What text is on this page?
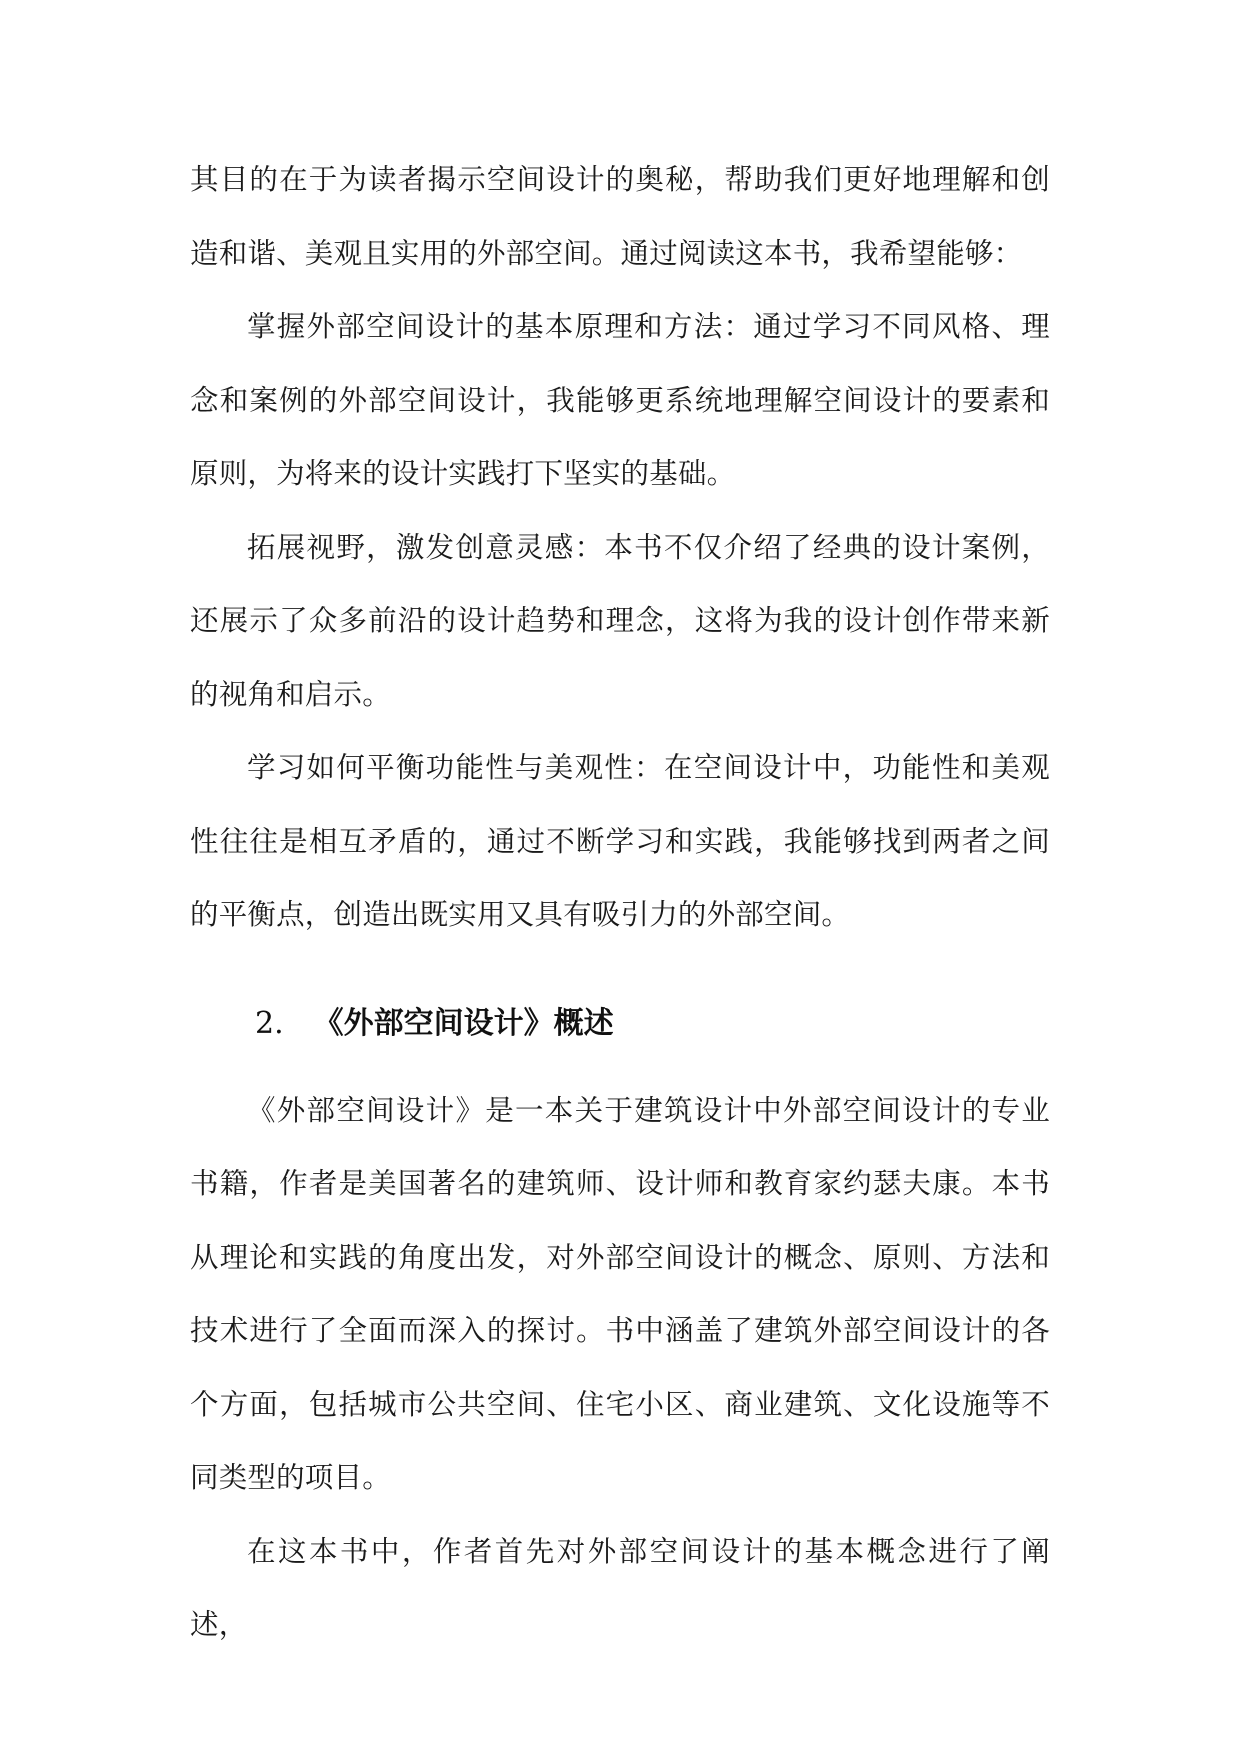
其目的在于为读者揭示空间设计的奥秘，帮助我们更好地理解和创造和谐、美观且实用的外部空间。通过阅读这本书，我希望能够：

掌握外部空间设计的基本原理和方法：通过学习不同风格、理念和案例的外部空间设计，我能够更系统地理解空间设计的要素和原则，为将来的设计实践打下坚实的基础。

拓展视野，激发创意灵感：本书不仅介绍了经典的设计案例，还展示了众多前沿的设计趋势和理念，这将为我的设计创作带来新的视角和启示。

学习如何平衡功能性与美观性：在空间设计中，功能性和美观性往往是相互矛盾的，通过不断学习和实践，我能够找到两者之间的平衡点，创造出既实用又具有吸引力的外部空间。

2. 《外部空间设计》概述

《外部空间设计》是一本关于建筑设计中外部空间设计的专业书籍，作者是美国著名的建筑师、设计师和教育家约瑟夫康。本书从理论和实践的角度出发，对外部空间设计的概念、原则、方法和技术进行了全面而深入的探讨。书中涵盖了建筑外部空间设计的各个方面，包括城市公共空间、住宅小区、商业建筑、文化设施等不同类型的项目。

在这本书中，作者首先对外部空间设计的基本概念进行了阐述，
